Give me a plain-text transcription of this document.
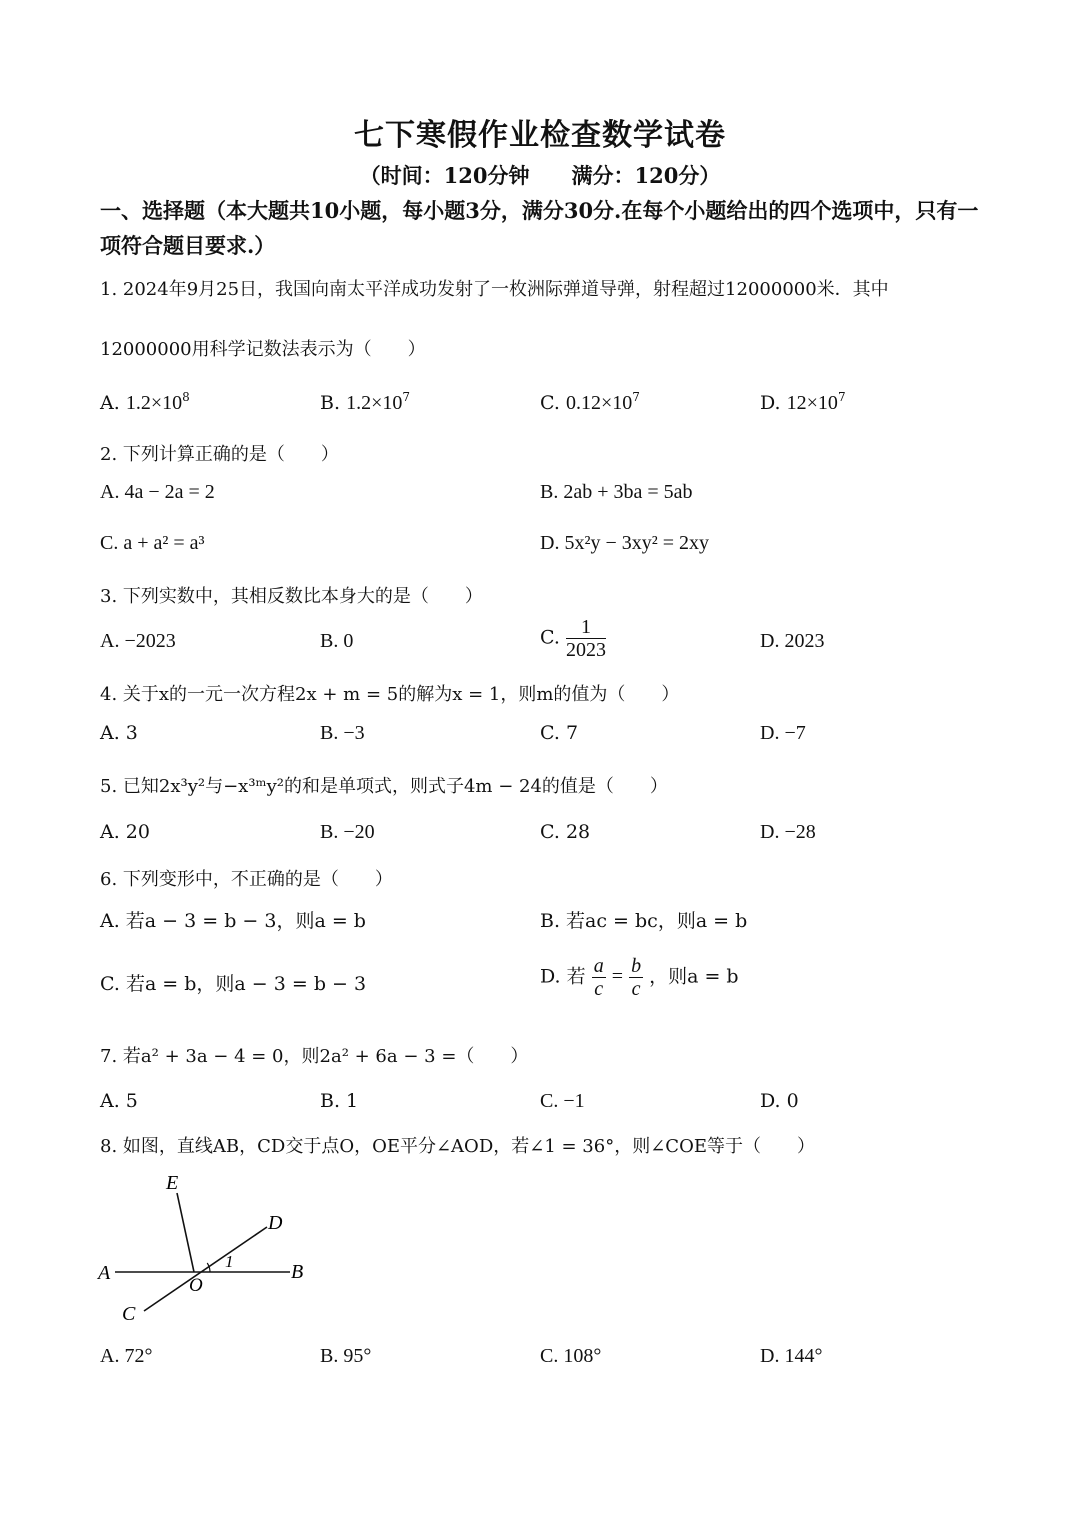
七下寒假作业检查数学试卷
（时间：120分钟　　满分：120分）
一、选择题（本大题共10小题，每小题3分，满分30分.在每个小题给出的四个选项中，只有一项符合题目要求.）
1. 2024年9月25日，我国向南太平洋成功发射了一枚洲际弹道导弹，射程超过12000000米．其中
12000000用科学记数法表示为（　　）
A. $1.2\times 10^8$	B. $1.2\times 10^7$	C. $0.12\times 10^7$	D. $12\times 10^7$
2. 下列计算正确的是（　　）
A. 4a − 2a = 2	B. 2ab + 3ba = 5ab
C. a + a² = a³	D. 5x²y − 3xy² = 2xy
3. 下列实数中，其相反数比本身大的是（　　）
A. −2023	B. 0	C. $\frac{1}{2023}$	D. 2023
4. 关于x的一元一次方程2x + m = 5的解为x = 1，则m的值为（　　）
A. 3	B. −3	C. 7	D. −7
5. 已知2x³y²与−x³ᵐy²的和是单项式，则式子4m − 24的值是（　　）
A. 20	B. −20	C. 28	D. −28
6. 下列变形中，不正确的是（　　）
A. 若a − 3 = b − 3，则a = b	B. 若ac = bc，则a = b
C. 若a = b，则a − 3 = b − 3	D. 若 $\frac{a}{c} = \frac{b}{c}$ ，则a = b
7. 若a² + 3a − 4 = 0，则2a² + 6a − 3 =（　　）
A. 5	B. 1	C. −1	D. 0
8. 如图，直线AB，CD交于点O，OE平分∠AOD，若∠1 = 36°，则∠COE等于（　　）
E
D
A	B
O
C
1
A. 72°	B. 95°	C. 108°	D. 144°
